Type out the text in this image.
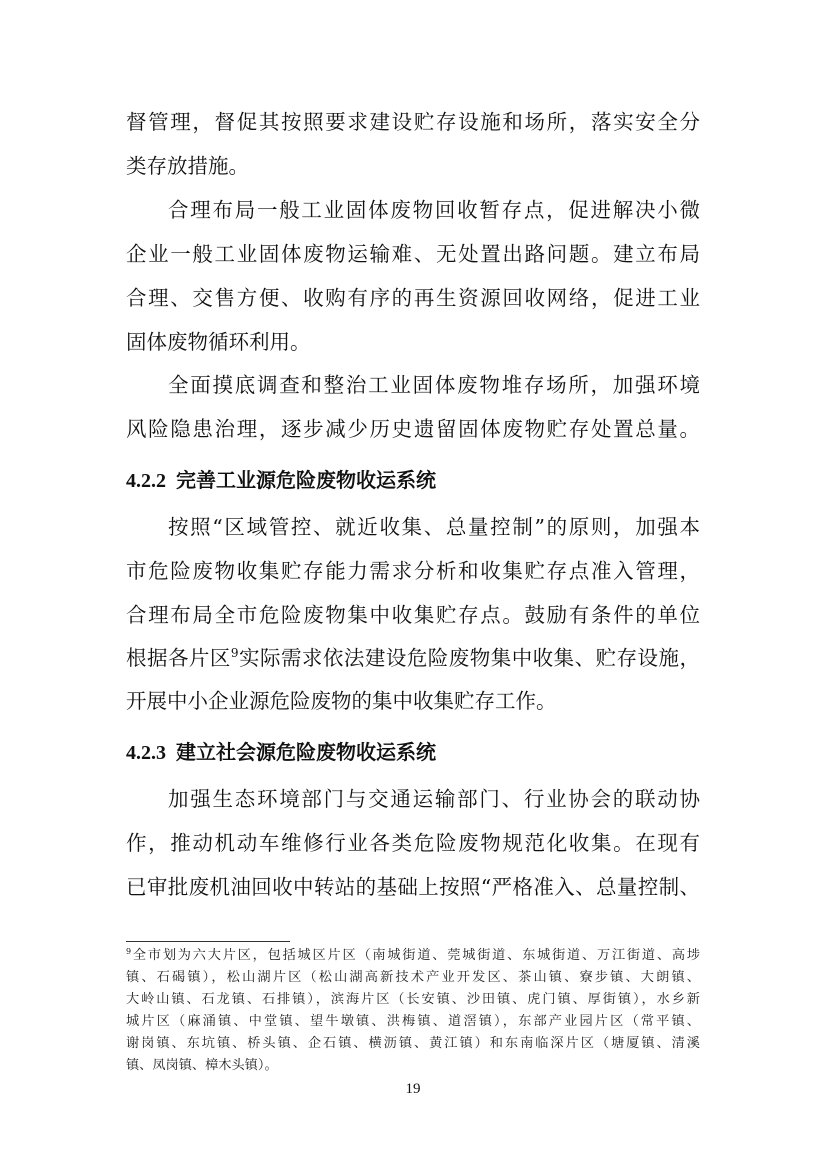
督管理，督促其按照要求建设贮存设施和场所，落实安全分
类存放措施。
合理布局一般工业固体废物回收暂存点，促进解决小微
企业一般工业固体废物运输难、无处置出路问题。建立布局
合理、交售方便、收购有序的再生资源回收网络，促进工业
固体废物循环利用。
全面摸底调查和整治工业固体废物堆存场所，加强环境
风险隐患治理，逐步减少历史遗留固体废物贮存处置总量。
4.2.2 完善工业源危险废物收运系统
按照“区域管控、就近收集、总量控制”的原则，加强本
市危险废物收集贮存能力需求分析和收集贮存点准入管理，
合理布局全市危险废物集中收集贮存点。鼓励有条件的单位
根据各片区$^9$实际需求依法建设危险废物集中收集、贮存设施，
开展中小企业源危险废物的集中收集贮存工作。
4.2.3 建立社会源危险废物收运系统
加强生态环境部门与交通运输部门、行业协会的联动协
作，推动机动车维修行业各类危险废物规范化收集。在现有
已审批废机油回收中转站的基础上按照“严格准入、总量控制、
$^9$全市划为六大片区，包括城区片区（南城街道、莞城街道、东城街道、万江街道、高埗
镇、石碣镇），松山湖片区（松山湖高新技术产业开发区、茶山镇、寮步镇、大朗镇、
大岭山镇、石龙镇、石排镇），滨海片区（长安镇、沙田镇、虎门镇、厚街镇），水乡新
城片区（麻涌镇、中堂镇、望牛墩镇、洪梅镇、道滘镇），东部产业园片区（常平镇、
谢岗镇、东坑镇、桥头镇、企石镇、横沥镇、黄江镇）和东南临深片区（塘厦镇、清溪
镇、凤岗镇、樟木头镇）。
19
